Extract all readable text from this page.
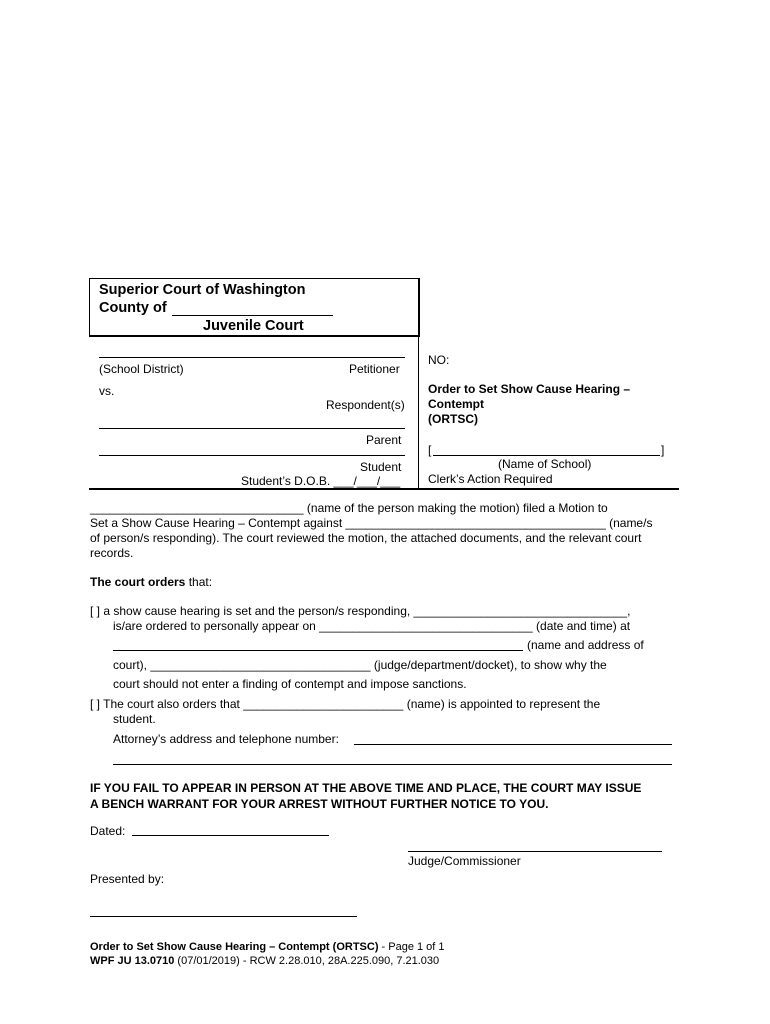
Superior Court of Washington
County of
Juvenile Court
(School District)	Petitioner
vs.
Respondent(s)
Parent
Student
Student’s D.O.B. ___/___/___
NO:
Order to Set Show Cause Hearing –
Contempt
(ORTSC)
[	]
(Name of School)
Clerk’s Action Required
________________________________ (name of the person making the motion) filed a Motion to
Set a Show Cause Hearing – Contempt against _______________________________________ (name/s
of person/s responding). The court reviewed the motion, the attached documents, and the relevant court
records.
The court orders that:
[ ] a show cause hearing is set and the person/s responding, ________________________________,
is/are ordered to personally appear on ________________________________ (date and time) at
(name and address of
court), _________________________________ (judge/department/docket), to show why the
court should not enter a finding of contempt and impose sanctions.
[ ] The court also orders that ________________________ (name) is appointed to represent the
student.
Attorney’s address and telephone number:
IF YOU FAIL TO APPEAR IN PERSON AT THE ABOVE TIME AND PLACE, THE COURT MAY ISSUE
A BENCH WARRANT FOR YOUR ARREST WITHOUT FURTHER NOTICE TO YOU.
Dated:
Judge/Commissioner
Presented by:
Order to Set Show Cause Hearing – Contempt (ORTSC) - Page 1 of 1
WPF JU 13.0710 (07/01/2019) - RCW 2.28.010, 28A.225.090, 7.21.030
